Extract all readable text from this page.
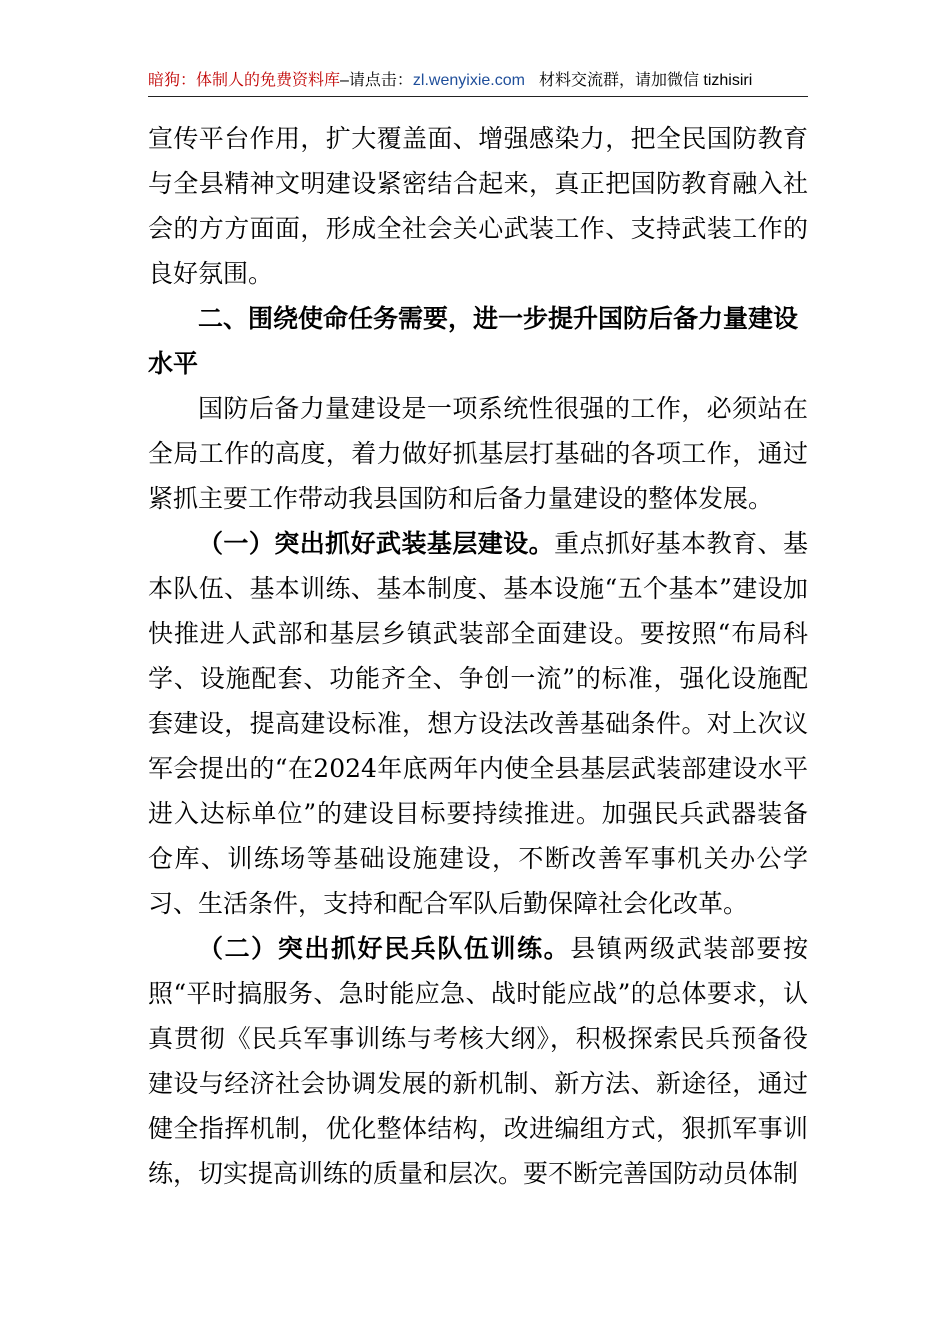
暗狗：体制人的免费资料库–请点击：zl.wenyixie.com 材料交流群，请加微信 tizhisiri

宣传平台作用，扩大覆盖面、增强感染力，把全民国防教育与全县精神文明建设紧密结合起来，真正把国防教育融入社会的方方面面，形成全社会关心武装工作、支持武装工作的良好氛围。

二、围绕使命任务需要，进一步提升国防后备力量建设水平

国防后备力量建设是一项系统性很强的工作，必须站在全局工作的高度，着力做好抓基层打基础的各项工作，通过紧抓主要工作带动我县国防和后备力量建设的整体发展。

（一）突出抓好武装基层建设。重点抓好基本教育、基本队伍、基本训练、基本制度、基本设施“五个基本”建设加快推进人武部和基层乡镇武装部全面建设。要按照“布局科学、设施配套、功能齐全、争创一流”的标准，强化设施配套建设，提高建设标准，想方设法改善基础条件。对上次议军会提出的“在2024年底两年内使全县基层武装部建设水平进入达标单位”的建设目标要持续推进。加强民兵武器装备仓库、训练场等基础设施建设，不断改善军事机关办公学习、生活条件，支持和配合军队后勤保障社会化改革。

（二）突出抓好民兵队伍训练。县镇两级武装部要按照“平时搞服务、急时能应急、战时能应战”的总体要求，认真贯彻《民兵军事训练与考核大纲》，积极探索民兵预备役建设与经济社会协调发展的新机制、新方法、新途径，通过健全指挥机制，优化整体结构，改进编组方式，狠抓军事训练，切实提高训练的质量和层次。要不断完善国防动员体制
